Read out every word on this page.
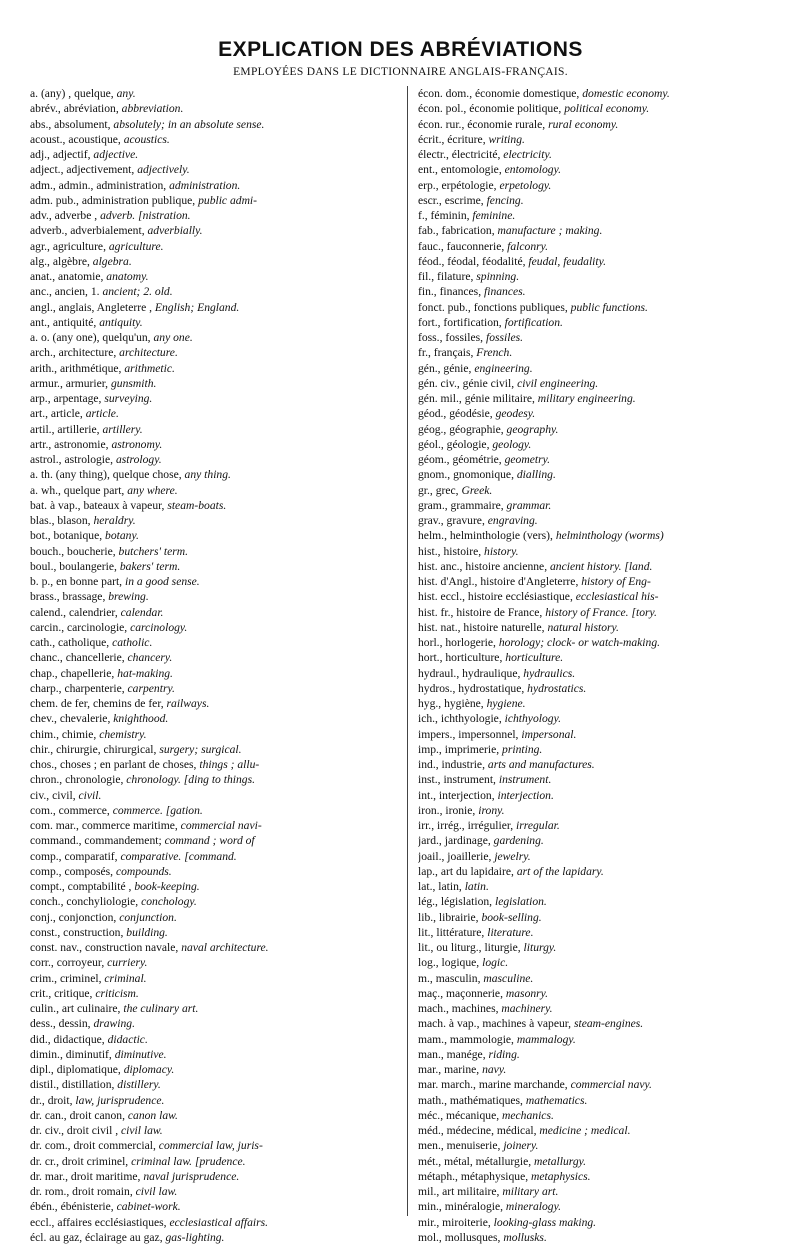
EXPLICATION DES ABRÉVIATIONS
EMPLOYÉES DANS LE DICTIONNAIRE ANGLAIS-FRANÇAIS.
a. (any) , quelque, any.
abrév., abréviation, abbreviation.
abs., absolument, absolutely; in an absolute sense.
acoust., acoustique, acoustics.
adj., adjectif, adjective.
adject., adjectivement, adjectively.
adm., admin., administration, administration.
adm. pub., administration publique, public admi-
adv., adverbe , adverb. [nistration.
adverb., adverbialement, adverbially.
agr., agriculture, agriculture.
alg., algèbre, algebra.
anat., anatomie, anatomy.
anc., ancien, 1. ancient; 2. old.
angl., anglais, Angleterre , English; England.
ant., antiquité, antiquity.
a. o. (any one), quelqu'un, any one.
arch., architecture, architecture.
arith., arithmétique, arithmetic.
armur., armurier, gunsmith.
arp., arpentage, surveying.
art., article, article.
artil., artillerie, artillery.
artr., astronomie, astronomy.
astrol., astrologie, astrology.
a. th. (any thing), quelque chose, any thing.
a. wh., quelque part, any where.
bat. à vap., bateaux à vapeur, steam-boats.
blas., blason, heraldry.
bot., botanique, botany.
bouch., boucherie, butchers' term.
boul., boulangerie, bakers' term.
b. p., en bonne part, in a good sense.
brass., brassage, brewing.
calend., calendrier, calendar.
carcin., carcinologie, carcinology.
cath., catholique, catholic.
chanc., chancellerie, chancery.
chap., chapellerie, hat-making.
charp., charpenterie, carpentry.
chem. de fer, chemins de fer, railways.
chev., chevalerie, knighthood.
chim., chimie, chemistry.
chir., chirurgie, chirurgical, surgery; surgical.
chos., choses ; en parlant de choses, things ; allu-
chron., chronologie, chronology. [ding to things.
civ., civil, civil.
com., commerce, commerce. [gation.
com. mar., commerce maritime, commercial navi-
command., commandement; command ; word of
comp., comparatif, comparative. [command.
comp., composés, compounds.
compt., comptabilité , book-keeping.
conch., conchyliologie, conchology.
conj., conjonction, conjunction.
const., construction, building.
const. nav., construction navale, naval architecture.
corr., corroyeur, curriery.
crim., criminel, criminal.
crit., critique, criticism.
culin., art culinaire, the culinary art.
dess., dessin, drawing.
did., didactique, didactic.
dimin., diminutif, diminutive.
dipl., diplomatique, diplomacy.
distil., distillation, distillery.
dr., droit, law, jurisprudence.
dr. can., droit canon, canon law.
dr. civ., droit civil , civil law.
dr. com., droit commercial, commercial law, juris-
dr. cr., droit criminel, criminal law. [prudence.
dr. mar., droit maritime, naval jurisprudence.
dr. rom., droit romain, civil law.
ébén., ébénisterie, cabinet-work.
eccl., affaires ecclésiastiques, ecclesiastical affairs.
écl. au gaz, éclairage au gaz, gas-lighting.
écon. dom., économie domestique, domestic economy.
écon. pol., économie politique, political economy.
écon. rur., économie rurale, rural economy.
écrit., écriture, writing.
électr., électricité, electricity.
ent., entomologie, entomology.
erp., erpétologie, erpetology.
escr., escrime, fencing.
f., féminin, feminine.
fab., fabrication, manufacture ; making.
fauc., fauconnerie, falconry.
féod., féodal, féodalité, feudal, feudality.
fil., filature, spinning.
fin., finances, finances.
fonct. pub., fonctions publiques, public functions.
fort., fortification, fortification.
foss., fossiles, fossiles.
fr., français, French.
gén., génie, engineering.
gén. civ., génie civil, civil engineering.
gén. mil., génie militaire, military engineering.
géod., géodésie, geodesy.
géog., géographie, geography.
géol., géologie, geology.
géom., géométrie, geometry.
gnom., gnomonique, dialling.
gr., grec, Greek.
gram., grammaire, grammar.
grav., gravure, engraving.
helm., helminthologie (vers), helminthology (worms)
hist., histoire, history.
hist. anc., histoire ancienne, ancient history. [land.
hist. d'Angl., histoire d'Angleterre, history of Eng-
hist. eccl., histoire ecclésiastique, ecclesiastical his-
hist. fr., histoire de France, history of France. [tory.
hist. nat., histoire naturelle, natural history.
horl., horlogerie, horology; clock- or watch-making.
hort., horticulture, horticulture.
hydraul., hydraulique, hydraulics.
hydros., hydrostatique, hydrostatics.
hyg., hygiène, hygiene.
ich., ichthyologie, ichthyology.
impers., impersonnel, impersonal.
imp., imprimerie, printing.
ind., industrie, arts and manufactures.
inst., instrument, instrument.
int., interjection, interjection.
iron., ironie, irony.
irr., irrég., irrégulier, irregular.
jard., jardinage, gardening.
joail., joaillerie, jewelry.
lap., art du lapidaire, art of the lapidary.
lat., latin, latin.
lég., législation, legislation.
lib., librairie, book-selling.
lit., littérature, literature.
lit., ou liturg., liturgie, liturgy.
log., logique, logic.
m., masculin, masculine.
maç., maçonnerie, masonry.
mach., machines, machinery.
mach. à vap., machines à vapeur, steam-engines.
mam., mammologie, mammalogy.
man., manége, riding.
mar., marine, navy.
mar. march., marine marchande, commercial navy.
math., mathématiques, mathematics.
méc., mécanique, mechanics.
méd., médecine, médical, medicine ; medical.
men., menuiserie, joinery.
mét., métal, métallurgie, metallurgy.
métaph., métaphysique, metaphysics.
mil., art militaire, military art.
min., minéralogie, mineralogy.
mir., miroiterie, looking-glass making.
mol., mollusques, mollusks.
